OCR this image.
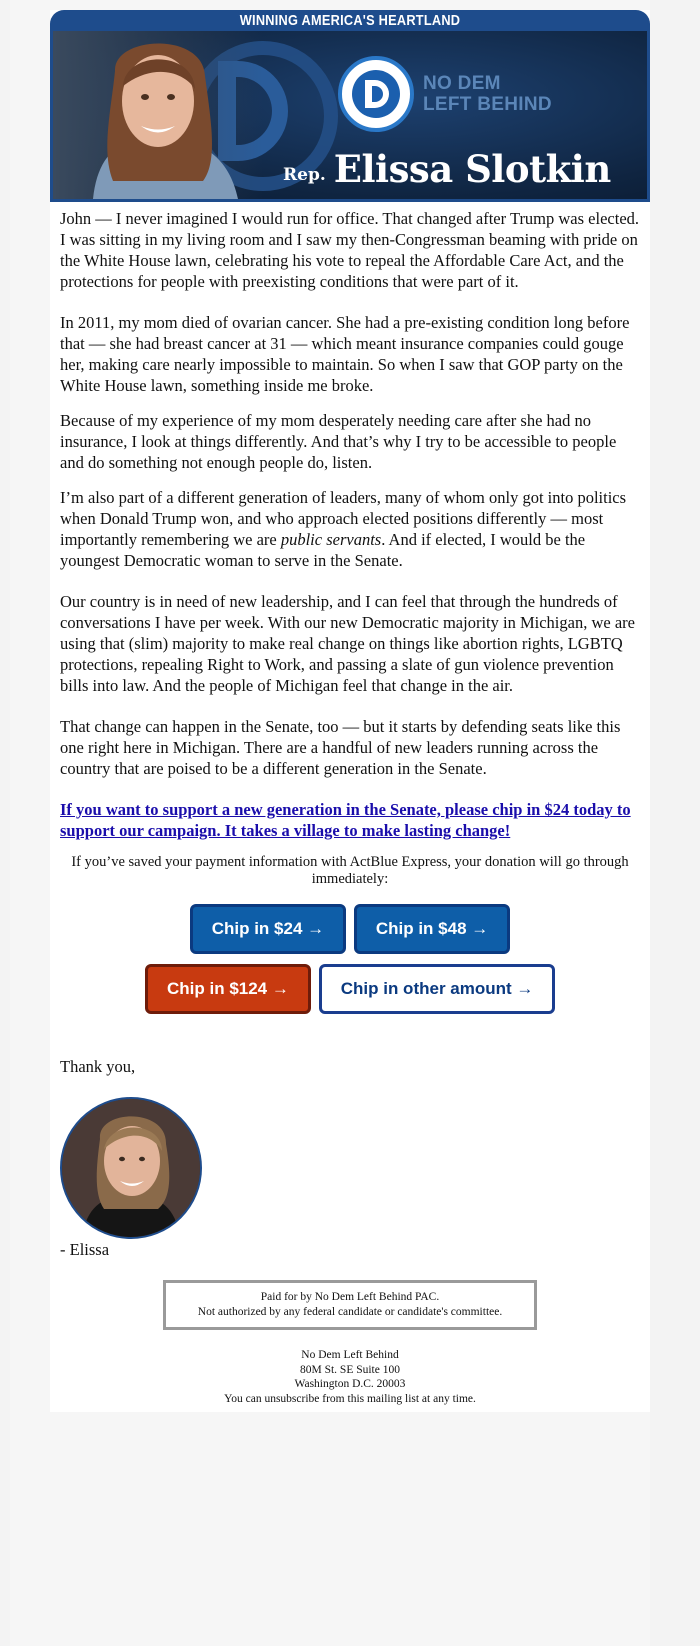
WINNING AMERICA'S HEARTLAND
NO DEM
LEFT BEHIND
Rep. Elissa Slotkin

John — I never imagined I would run for office. That changed after Trump was elected. I was sitting in my living room and I saw my then-Congressman beaming with pride on the White House lawn, celebrating his vote to repeal the Affordable Care Act, and the protections for people with preexisting conditions that were part of it.

In 2011, my mom died of ovarian cancer. She had a pre-existing condition long before that — she had breast cancer at 31 — which meant insurance companies could gouge her, making care nearly impossible to maintain. So when I saw that GOP party on the White House lawn, something inside me broke.

Because of my experience of my mom desperately needing care after she had no insurance, I look at things differently. And that’s why I try to be accessible to people and do something not enough people do, listen.

I’m also part of a different generation of leaders, many of whom only got into politics when Donald Trump won, and who approach elected positions differently — most importantly remembering we are public servants. And if elected, I would be the youngest Democratic woman to serve in the Senate.

Our country is in need of new leadership, and I can feel that through the hundreds of conversations I have per week. With our new Democratic majority in Michigan, we are using that (slim) majority to make real change on things like abortion rights, LGBTQ protections, repealing Right to Work, and passing a slate of gun violence prevention bills into law. And the people of Michigan feel that change in the air.

That change can happen in the Senate, too — but it starts by defending seats like this one right here in Michigan. There are a handful of new leaders running across the country that are poised to be a different generation in the Senate.

If you want to support a new generation in the Senate, please chip in $24 today to support our campaign. It takes a village to make lasting change!
If you’ve saved your payment information with ActBlue Express, your donation will go through immediately:
Chip in $24 →	Chip in $48 →
Chip in $124 →	Chip in other amount →

Thank you,

- Elissa

Paid for by No Dem Left Behind PAC.
Not authorized by any federal candidate or candidate's committee.
No Dem Left Behind
80M St. SE Suite 100
Washington D.C. 20003
You can unsubscribe from this mailing list at any time.
